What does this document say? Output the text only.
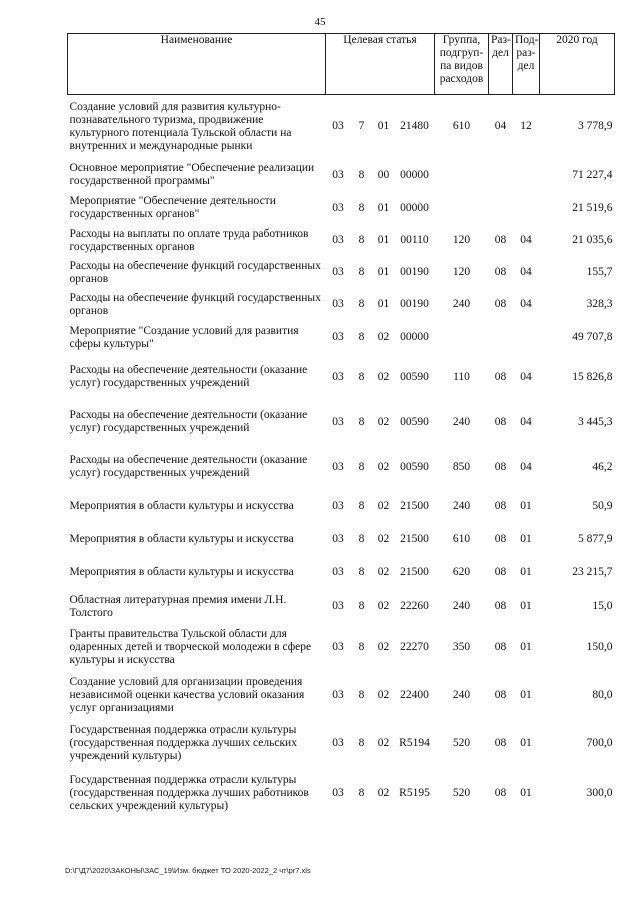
45
Наименование	Целевая статья				Группа, подгруп-па видов расходов	Раз-дел	Под-раз-дел	2020 год
Создание условий для развития культурно-познавательного туризма, продвижение культурного потенциала Тульской области на внутренних и международные рынки	03	7	01	21480	610	04	12	3 778,9
Основное мероприятие "Обеспечение реализации государственной программы"	03	8	00	00000				71 227,4
Мероприятие "Обеспечение деятельности государственных органов"	03	8	01	00000				21 519,6
Расходы на выплаты по оплате труда работников государственных органов	03	8	01	00110	120	08	04	21 035,6
Расходы на обеспечение функций государственных органов	03	8	01	00190	120	08	04	155,7
Расходы на обеспечение функций государственных органов	03	8	01	00190	240	08	04	328,3
Мероприятие "Создание условий для развития сферы культуры"	03	8	02	00000				49 707,8
Расходы на обеспечение деятельности (оказание услуг) государственных учреждений	03	8	02	00590	110	08	04	15 826,8
Расходы на обеспечение деятельности (оказание услуг) государственных учреждений	03	8	02	00590	240	08	04	3 445,3
Расходы на обеспечение деятельности (оказание услуг) государственных учреждений	03	8	02	00590	850	08	04	46,2
Мероприятия в области культуры и искусства	03	8	02	21500	240	08	01	50,9
Мероприятия в области культуры и искусства	03	8	02	21500	610	08	01	5 877,9
Мероприятия в области культуры и искусства	03	8	02	21500	620	08	01	23 215,7
Областная литературная премия имени Л.Н. Толстого	03	8	02	22260	240	08	01	15,0
Гранты правительства Тульской области для одаренных детей и творческой молодежи в сфере культуры и искусства	03	8	02	22270	350	08	01	150,0
Создание условий для организации проведения независимой оценки качества условий оказания услуг организациями	03	8	02	22400	240	08	01	80,0
Государственная поддержка отрасли культуры (государственная поддержка лучших сельских учреждений культуры)	03	8	02	R5194	520	08	01	700,0
Государственная поддержка отрасли культуры (государственная поддержка лучших работников сельских учреждений культуры)	03	8	02	R5195	520	08	01	300,0
D:\Г\Д7\2020\ЗАКОНЫ\ЗАС_19\Изм. бюджет ТО 2020-2022_2 чт\pr7.xls
